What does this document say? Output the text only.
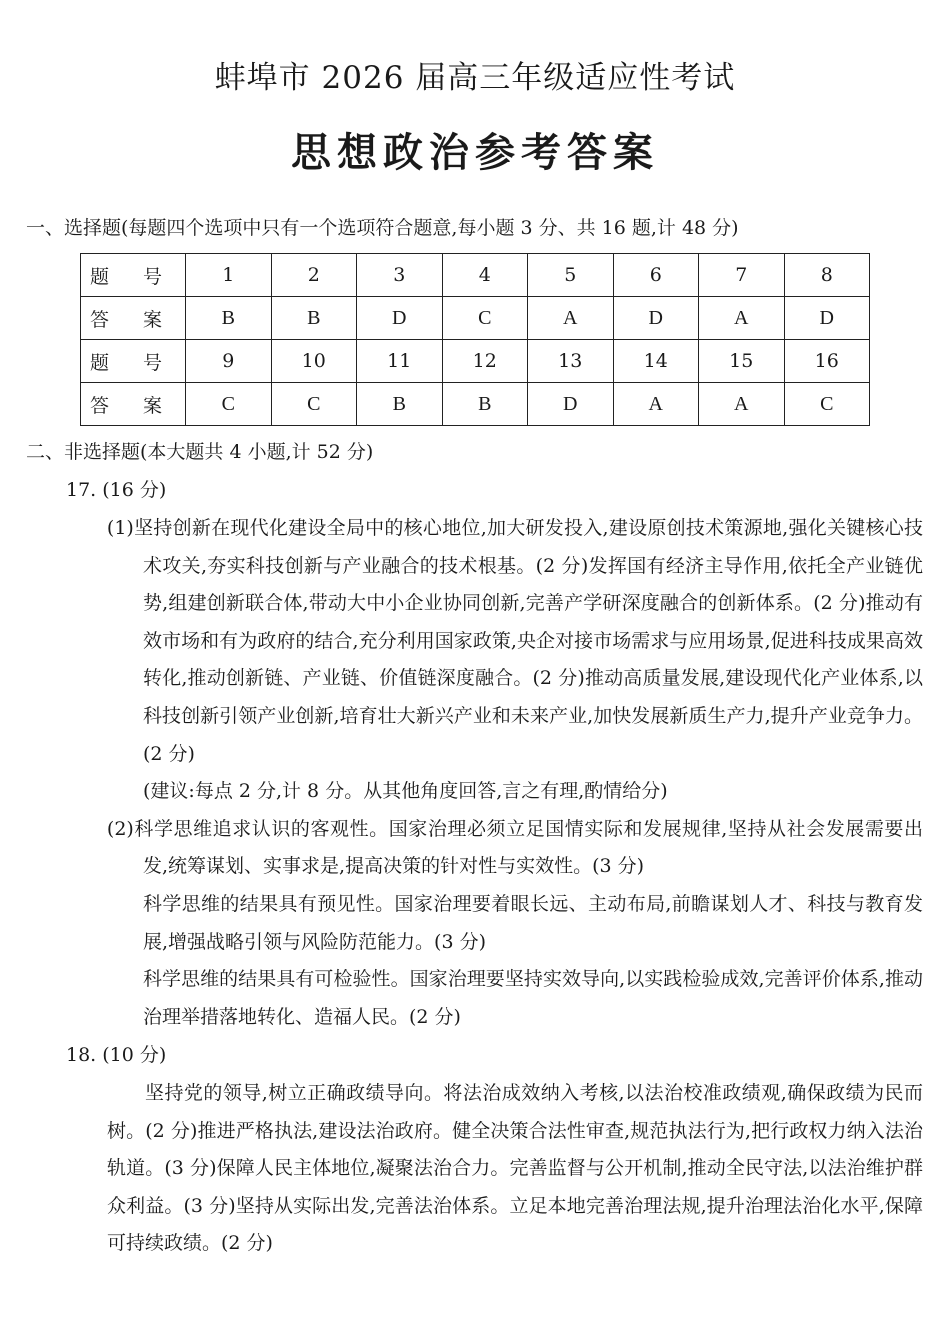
蚌埠市 2026 届高三年级适应性考试
思想政治参考答案
一、选择题(每题四个选项中只有一个选项符合题意,每小题 3 分、共 16 题,计 48 分)
题 号	1	2	3	4	5	6	7	8
答 案	B	B	D	C	A	D	A	D
题 号	9	10	11	12	13	14	15	16
答 案	C	C	B	B	D	A	A	C
二、非选择题(本大题共 4 小题,计 52 分)
17. (16 分)

(1)坚持创新在现代化建设全局中的核心地位,加大研发投入,建设原创技术策源地,强化关键核心技术攻关,夯实科技创新与产业融合的技术根基。(2 分)发挥国有经济主导作用,依托全产业链优势,组建创新联合体,带动大中小企业协同创新,完善产学研深度融合的创新体系。(2 分)推动有效市场和有为政府的结合,充分利用国家政策,央企对接市场需求与应用场景,促进科技成果高效转化,推动创新链、产业链、价值链深度融合。(2 分)推动高质量发展,建设现代化产业体系,以科技创新引领产业创新,培育壮大新兴产业和未来产业,加快发展新质生产力,提升产业竞争力。(2 分)

(建议:每点 2 分,计 8 分。从其他角度回答,言之有理,酌情给分)

(2)科学思维追求认识的客观性。国家治理必须立足国情实际和发展规律,坚持从社会发展需要出发,统筹谋划、实事求是,提高决策的针对性与实效性。(3 分)

科学思维的结果具有预见性。国家治理要着眼长远、主动布局,前瞻谋划人才、科技与教育发展,增强战略引领与风险防范能力。(3 分)

科学思维的结果具有可检验性。国家治理要坚持实效导向,以实践检验成效,完善评价体系,推动治理举措落地转化、造福人民。(2 分)

18. (10 分)

坚持党的领导,树立正确政绩导向。将法治成效纳入考核,以法治校准政绩观,确保政绩为民而树。(2 分)推进严格执法,建设法治政府。健全决策合法性审查,规范执法行为,把行政权力纳入法治轨道。(3 分)保障人民主体地位,凝聚法治合力。完善监督与公开机制,推动全民守法,以法治维护群众利益。(3 分)坚持从实际出发,完善法治体系。立足本地完善治理法规,提升治理法治化水平,保障可持续政绩。(2 分)
